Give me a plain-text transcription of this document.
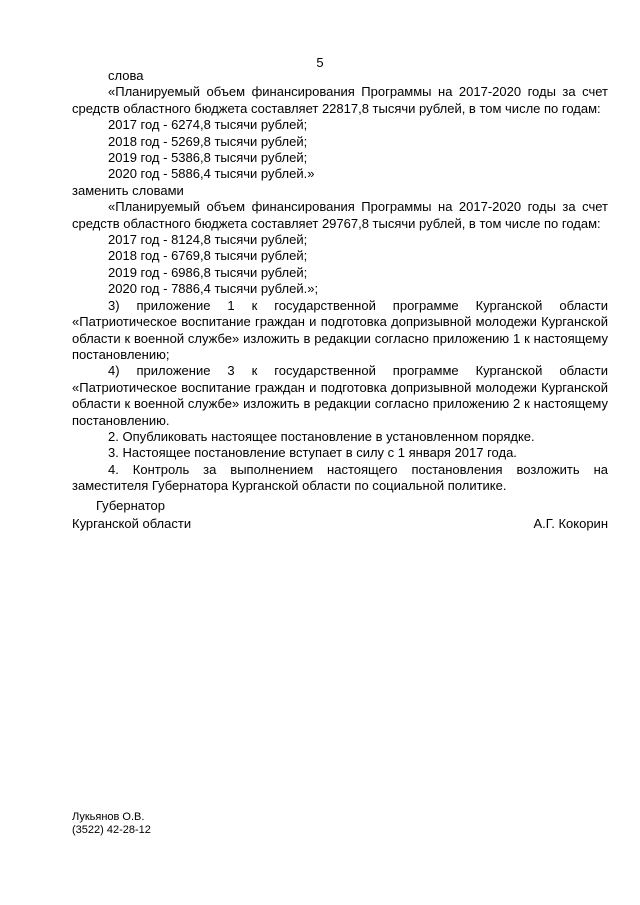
5

слова

«Планируемый объем финансирования Программы на 2017-2020 годы за счет средств областного бюджета составляет 22817,8 тысячи рублей, в том числе по годам:

2017 год - 6274,8 тысячи рублей;

2018 год - 5269,8 тысячи рублей;

2019 год - 5386,8 тысячи рублей;

2020 год - 5886,4 тысячи рублей.»

заменить словами

«Планируемый объем финансирования Программы на 2017-2020 годы за счет средств областного бюджета составляет 29767,8 тысячи рублей, в том числе по годам:

2017 год - 8124,8 тысячи рублей;

2018 год - 6769,8 тысячи рублей;

2019 год - 6986,8 тысячи рублей;

2020 год - 7886,4 тысячи рублей.»;

3) приложение 1 к государственной программе Курганской области «Патриотическое воспитание граждан и подготовка допризывной молодежи Курганской области к военной службе» изложить в редакции согласно приложению 1 к настоящему постановлению;

4) приложение 3 к государственной программе Курганской области «Патриотическое воспитание граждан и подготовка допризывной молодежи Курганской области к военной службе» изложить в редакции согласно приложению 2 к настоящему постановлению.

2. Опубликовать настоящее постановление в установленном порядке.

3. Настоящее постановление вступает в силу с 1 января 2017 года.

4. Контроль за выполнением настоящего постановления возложить на заместителя Губернатора Курганской области по социальной политике.

Губернатор
Курганской области	А.Г. Кокорин
Лукьянов О.В.
(3522) 42-28-12
